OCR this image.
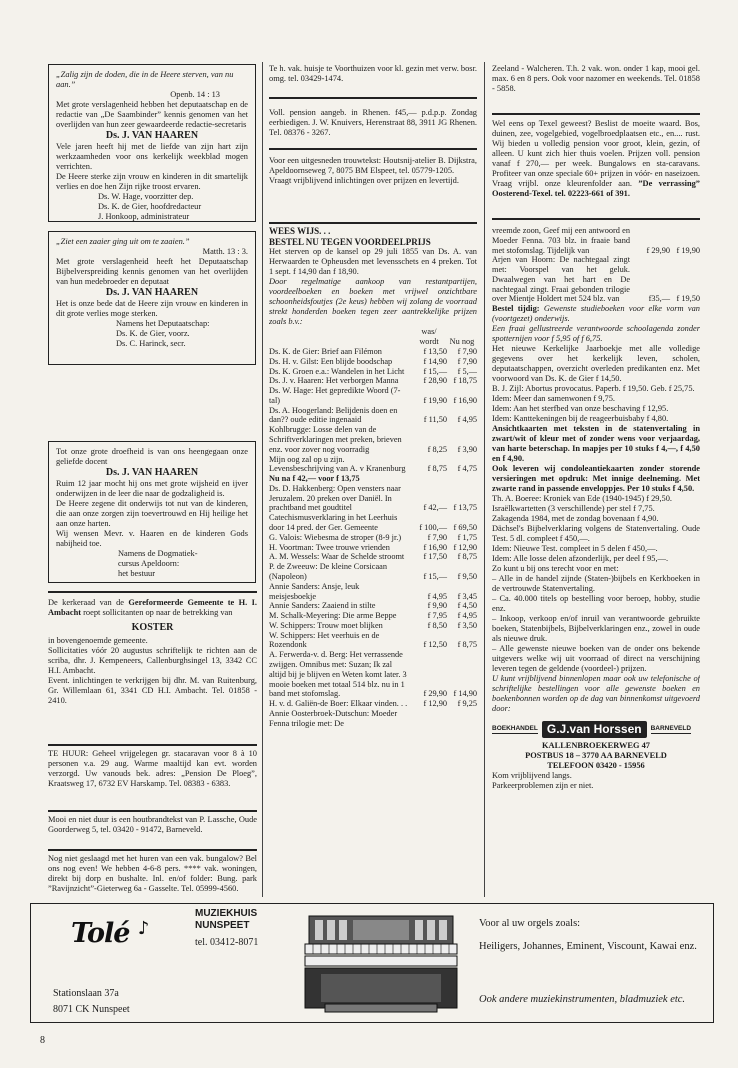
„Zalig zijn de doden, die in de Heere sterven, van nu aan.”

Openb. 14 : 13

Met grote verslagenheid hebben het deputaatschap en de redactie van „De Saambinder” kennis genomen van het overlijden van hun zeer gewaardeerde redactie-secretaris

Ds. J. VAN HAAREN

Vele jaren heeft hij met de liefde van zijn hart zijn werkzaamheden voor ons kerkelijk weekblad mogen verrichten.

De Heere sterke zijn vrouw en kinderen in dit smartelijk verlies en doe hen Zijn rijke troost ervaren.

Ds. W. Hage, voorzitter dep.

Ds. K. de Gier, hoofdredacteur

J. Honkoop, administrateur

„Ziet een zaaier ging uit om te zaaien.”

Matth. 13 : 3.

Met grote verslagenheid heeft het Deputaatschap Bijbelverspreiding kennis genomen van het overlijden van hun medebroeder en deputaat

Ds. J. VAN HAAREN

Het is onze bede dat de Heere zijn vrouw en kinderen in dit grote verlies moge sterken.

Namens het Deputaatschap:

Ds. K. de Gier, voorz.

Ds. C. Harinck, secr.

Tot onze grote droefheid is van ons heengegaan onze geliefde docent

Ds. J. VAN HAAREN

Ruim 12 jaar mocht hij ons met grote wijsheid en ijver onderwijzen in de leer die naar de godzaligheid is.

De Heere zegene dit onderwijs tot nut van de kinderen, die aan onze zorgen zijn toevertrouwd en Hij heilige het aan onze harten.

Wij wensen Mevr. v. Haaren en de kinderen Gods nabijheid toe.

Namens de Dogmatiek-

cursus Apeldoorn:

het bestuur

De kerkeraad van de Gereformeerde Gemeente te H. I. Ambacht roept sollicitanten op naar de betrekking van

KOSTER

in bovengenoemde gemeente.

Sollicitaties vóór 20 augustus schriftelijk te richten aan de scriba, dhr. J. Kempeneers, Callenburghsingel 13, 3342 CC H.I. Ambacht.

Event. inlichtingen te verkrijgen bij dhr. M. van Ruitenburg, Gr. Willemlaan 61, 3341 CD H.I. Ambacht. Tel. 01858 - 2410.

TE HUUR: Geheel vrijgelegen gr. stacaravan voor 8 à 10 personen v.a. 29 aug. Warme maaltijd kan evt. worden verzorgd. Uw vanouds bek. adres: „Pension De Ploeg”, Kraatsweg 17, 6732 EV Harskamp. Tel. 08383 - 6383.
Mooi en niet duur is een houtbrandtekst van P. Lassche, Oude Goorderweg 5, tel. 03420 - 91472, Barneveld.
Nog niet geslaagd met het huren van een vak. bungalow? Bel ons nog even! We hebben 4-6-8 pers. **** vak. woningen, direkt bij dorp en bushalte. Inl. en/of folder: Bung. park ”Ravijnzicht”-Gieterweg 6a - Gasselte. Tel. 05999-4560.
Te h. vak. huisje te Voorthuizen voor kl. gezin met verw. bosr. omg. tel. 03429-1474.

Voll. pension aangeb. in Rhenen. f45,— p.d.p.p. Zondag eerbiedigen. J. W. Knuivers, Herenstraat 88, 3911 JG Rhenen. Tel. 08376 - 3267.

Voor een uitgesneden trouwtekst: Houtsnij-atelier B. Dijkstra, Apeldoornseweg 7, 8075 BM Elspeet, tel. 05779-1205.

Vraagt vrijblijvend inlichtingen over prijzen en levertijd.

WEES WIJS. . .

BESTEL NU TEGEN VOORDEELPRIJS

Het sterven op de kansel op 29 juli 1855 van Ds. A. van Herwaarden te Opheusden met levensschets en 4 preken. Tot 1 sept. f 14,90 dan f 18,90.

Door regelmatige aankoop van restantpartijen, voordeelboeken en boeken met vrijwel onzichtbare schoonheidsfoutjes (2e keus) hebben wij zolang de voorraad strekt honderden boeken tegen zeer aantrekkelijke prijzen zoals b.v.:

	was/ wordt	Nu nog
Ds. K. de Gier: Brief aan Filémon	f 13,50	f 7,90
Ds. H. v. Gilst: Een blijde boodschap	f 14,90	f 7,90
Ds. K. Groen e.a.: Wandelen in het Licht	f 15,—	f 5,—
Ds. J. v. Haaren: Het verborgen Manna	f 28,90	f 18,75
Ds. W. Hage: Het gepredikte Woord (7-tal)	f 19,90	f 16,90
Ds. A. Hoogerland: Belijdenis doen en dan?? oude editie ingenaaid	f 11,50	f 4,95
Kohlbrugge: Losse delen van de Schriftverklaringen met preken, brieven enz. voor zover nog voorradig	f 8,25	f 3,90
Mijn oog zal op u zijn. Levensbeschrijving van A. v Kranenburg	f 8,75	f 4,75
Nu na f 42,— voor f 13,75		
Ds. D. Hakkenberg: Open vensters naar Jeruzalem. 20 preken over Daniël. In prachtband met goudtitel	f 42,—	f 13,75
Catechismusverklaring in het Leerhuis door 14 pred. der Ger. Gemeente	f 100,—	f 69,50
G. Valois: Wiebesma de stroper (8-9 jr.)	f 7,90	f 1,75
H. Voortman: Twee trouwe vrienden	f 16,90	f 12,90
A. M. Wessels: Waar de Schelde stroomt	f 17,50	f 8,75
P. de Zweeuw: De kleine Corsicaan (Napoleon)	f 15,—	f 9,50
Annie Sanders: Ansje, leuk meisjesboekje	f 4,95	f 3,45
Annie Sanders: Zaaiend in stilte	f 9,90	f 4,50
M. Schalk-Meyering: Die arme Beppe	f 7,95	f 4,95
W. Schippers: Trouw moet blijken	f 8,50	f 3,50
W. Schippers: Het veerhuis en de Rozendonk	f 12,50	f 8,75
A. Ferwerda-v. d. Berg: Het verrassende zwijgen. Omnibus met: Suzan; Ik zal altijd bij je blijven en Weten komt later. 3 mooie boeken met totaal 514 blz. nu in 1 band met stofomslag.	f 29,90	f 14,90
H. v. d. Galiën-de Boer: Elkaar vinden. . .	f 12,90	f 9,25
Annie Oosterbroek-Dutschun: Moeder Fenna trilogie met: De		
Zeeland - Walcheren. T.h. 2 vak. won. onder 1 kap, mooi gel. max. 6 en 8 pers. Ook voor nazomer en weekends. Tel. 01858 - 5858.
Wel eens op Texel geweest? Beslist de moeite waard. Bos, duinen, zee, vogelgebied, vogelbroedplaatsen etc., en.... rust. Wij bieden u volledig pension voor groot, klein, gezin, of alleen. U kunt zich hier thuis voelen. Prijzen voll. pension vanaf f 270,— per week. Bungalows en sta-caravans. Profiteer van onze speciale 60+ prijzen in vóór- en naseizoen. Vraag vrijbl. onze kleurenfolder aan. ”De verrassing” Oosterend-Texel. tel. 02223-661 of 391.
vreemde zoon, Geef mij een antwoord en Moeder Fenna. 703 blz. in fraaie band met stofomslag. Tijdelijk van	f 29,90	f 19,90
Arjen van Hoorn: De nachtegaal zingt met: Voorspel van het geluk. Dwaalwegen van het hart en De nachtegaal zingt. Fraai gebonden trilogie over Mientje Holdert met 524 blz. van	f35,—	f 19,50

Bestel tijdig: Gewenste studieboeken voor elke vorm van (voortgezet) onderwijs.

Een fraai gellustreerde verantwoorde schoolagenda zonder spotternijen voor f 5,95 of f 6,75.

Het nieuwe Kerkelijke Jaarboekje met alle volledige gegevens over het kerkelijk leven, scholen, deputaatschappen, overzicht overleden predikanten enz. Met voorwoord van Ds. K. de Gier f 14,50.

B. J. Zijl: Abortus provocatus. Paperb. f 19,50. Geb. f 25,75.

Idem: Meer dan samenwonen f 9,75.

Idem: Aan het sterfbed van onze beschaving f 12,95.

Idem: Kanttekeningen bij de reageerbuisbaby f 4,80.

Ansichtkaarten met teksten in de statenvertaling in zwart/wit of kleur met of zonder wens voor verjaardag, van harte beterschap. In mapjes per 10 stuks f 4,—, f 4,50 en f 4,90.

Ook leveren wij condoleantiekaarten zonder storende versieringen met opdruk: Met innige deelneming. Met zwarte rand in passende enveloppjes. Per 10 stuks f 4,50.

Th. A. Boeree: Kroniek van Ede (1940-1945) f 29,50.

Israëlkwartetten (3 verschillende) per stel f 7,75.

Zakagenda 1984, met de zondag bovenaan f 4,90.

Dächsel's Bijbelverklaring volgens de Statenvertaling. Oude Test. 5 dl. compleet f 450,—.

Idem: Nieuwe Test. compleet in 5 delen f 450,—.

Idem: Alle losse delen afzonderlijk, per deel f 95,—.

Zo kunt u bij ons terecht voor en met:

– Alle in de handel zijnde (Staten-)bijbels en Kerkboeken in de vertrouwde Statenvertaling.

– Ca. 40.000 titels op bestelling voor beroep, hobby, studie enz.

– Inkoop, verkoop en/of inruil van verantwoorde gebruikte boeken, Statenbijbels, Bijbelverklaringen enz., zowel in oude als nieuwe druk.

– Alle gewenste nieuwe boeken van de onder ons bekende uitgevers welke wij uit voorraad of direct na verschijning leveren tegen de geldende (voordeel-) prijzen.

U kunt vrijblijvend binnenlopen maar ook uw telefonische of schriftelijke bestellingen voor alle gewenste boeken en boekenbonnen worden op de dag van binnenkomst uitgevoerd door:

BOEKHANDEL G.J.van Horssen	BARNEVELD

KALLENBROEKERWEG 47

POSTBUS 18 – 3770 AA BARNEVELD

TELEFOON 03420 - 15956

Kom vrijblijvend langs.

Parkeerproblemen zijn er niet.

Tolé ♪

MUZIEKHUIS

NUNSPEET

tel. 03412-8071

Stationslaan 37a

8071 CK Nunspeet

Voor al uw orgels zoals:

Heiligers, Johannes, Eminent, Viscount, Kawai enz.

Ook andere muziekinstrumenten, bladmuziek etc.

8
